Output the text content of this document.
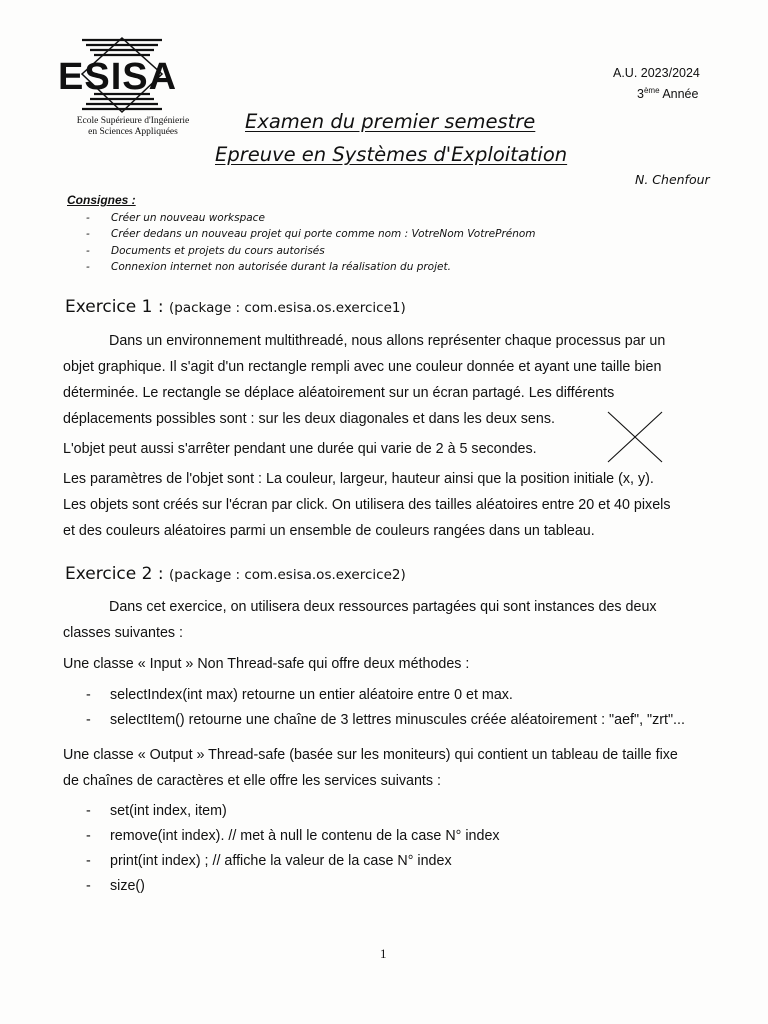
ESISA
Ecole Supérieure d'Ingénierie
en Sciences Appliquées
A.U. 2023/2024
3ème Année
Examen du premier semestre
Epreuve en Systèmes d'Exploitation
N. Chenfour
Consignes :
- Créer un nouveau workspace
- Créer dedans un nouveau projet qui porte comme nom : VotreNom VotrePrénom
- Documents et projets du cours autorisés
- Connexion internet non autorisée durant la réalisation du projet.
Exercice 1 : (package : com.esisa.os.exercice1)
Dans un environnement multithreadé, nous allons représenter chaque processus par un
objet graphique. Il s'agit d'un rectangle rempli avec une couleur donnée et ayant une taille bien
déterminée. Le rectangle se déplace aléatoirement sur un écran partagé. Les différents
déplacements possibles sont : sur les deux diagonales et dans les deux sens.
L'objet peut aussi s'arrêter pendant une durée qui varie de 2 à 5 secondes.
Les paramètres de l'objet sont : La couleur, largeur, hauteur ainsi que la position initiale (x, y).
Les objets sont créés sur l'écran par click. On utilisera des tailles aléatoires entre 20 et 40 pixels
et des couleurs aléatoires parmi un ensemble de couleurs rangées dans un tableau.
Exercice 2 : (package : com.esisa.os.exercice2)
Dans cet exercice, on utilisera deux ressources partagées qui sont instances des deux
classes suivantes :
Une classe « Input » Non Thread-safe qui offre deux méthodes :
- selectIndex(int max) retourne un entier aléatoire entre 0 et max.
- selectItem() retourne une chaîne de 3 lettres minuscules créée aléatoirement : "aef", "zrt"...
Une classe « Output » Thread-safe (basée sur les moniteurs) qui contient un tableau de taille fixe
de chaînes de caractères et elle offre les services suivants :
- set(int index, item)
- remove(int index). // met à null le contenu de la case N° index
- print(int index) ; // affiche la valeur de la case N° index
- size()
1
